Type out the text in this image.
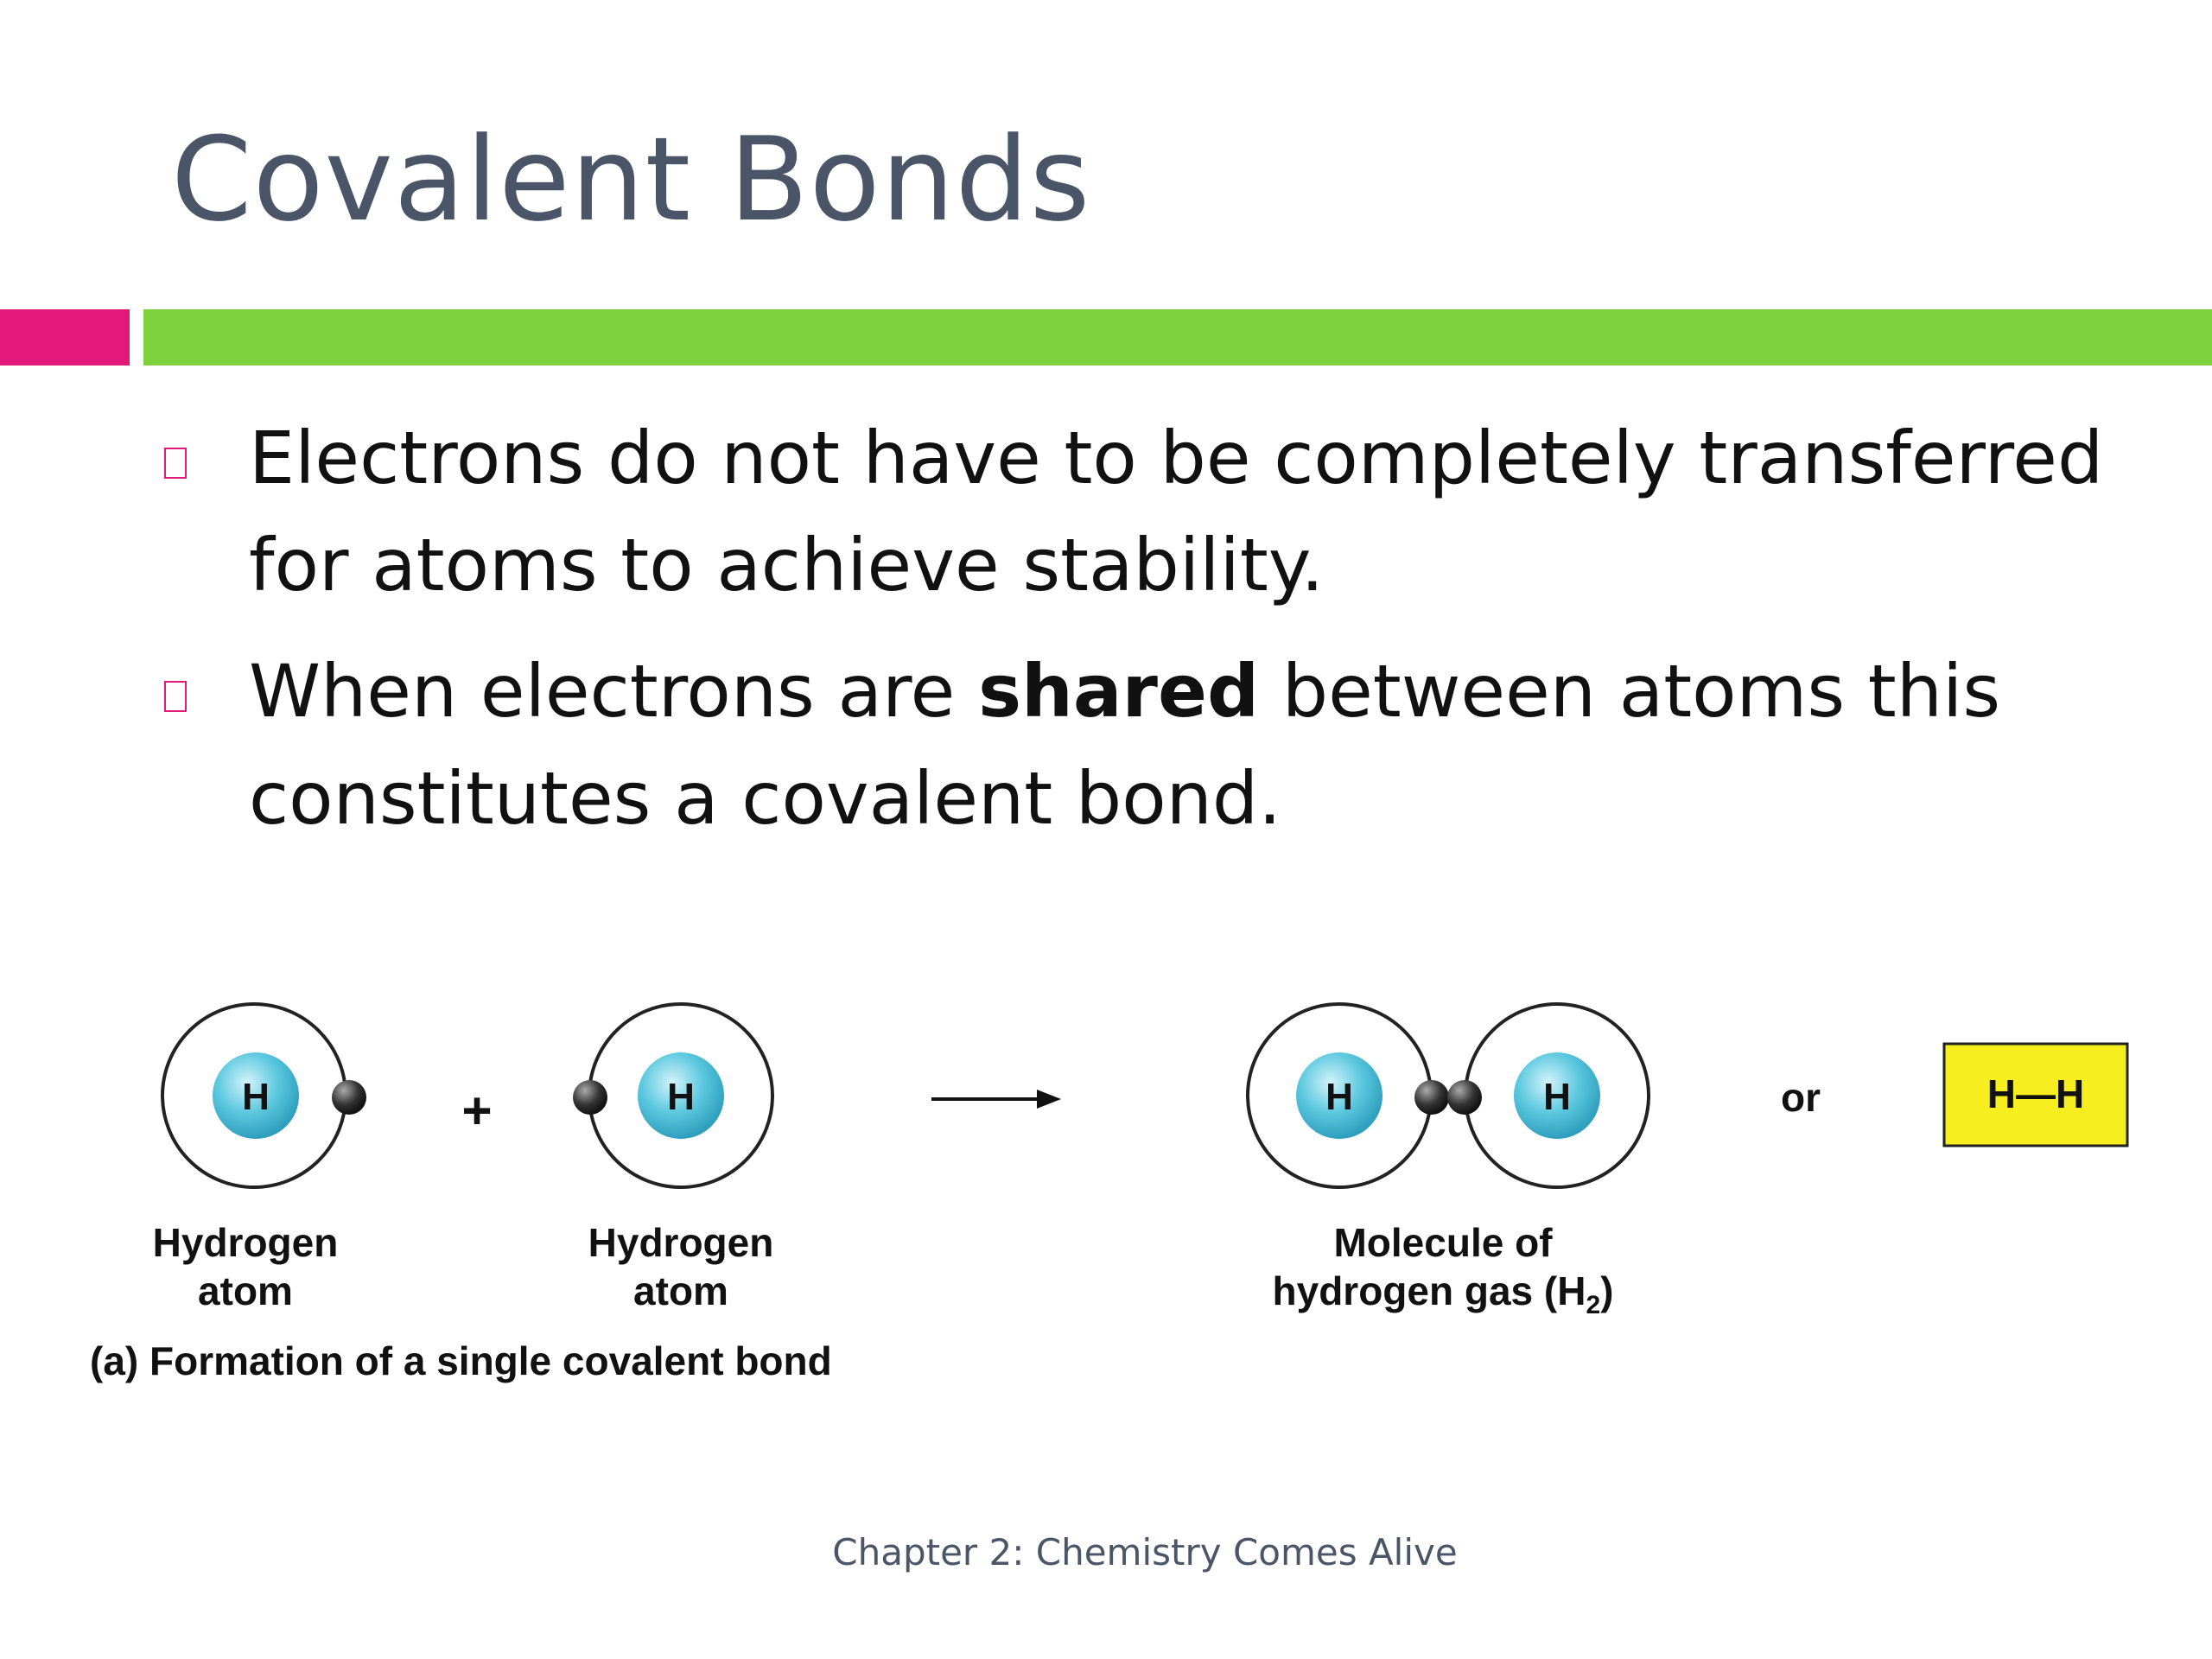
Covalent Bonds
Electrons do not have to be completely transferred for atoms to achieve stability.
When electrons are shared between atoms this constitutes a covalent bond.
H	+	H	H	H	or	H—H
Hydrogen
atom
Hydrogen
atom
Molecule of
hydrogen gas $(H_2)$
(a) Formation of a single covalent bond
Chapter 2: Chemistry Comes Alive
